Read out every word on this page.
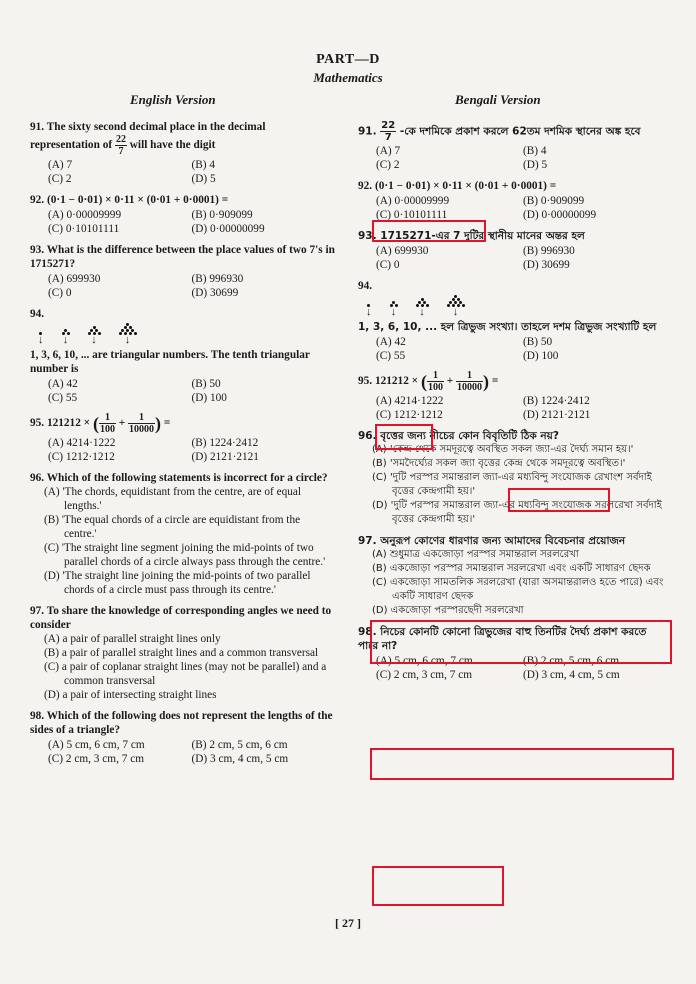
PART—D
Mathematics
English Version	Bengali Version
91. The sixty second decimal place in the decimal representation of $\frac{22}{7}$ will have the digit
(A) 7	(B) 4
(C) 2	(D) 5
92. (0·1 − 0·01) × 0·11 × (0·01 + 0·0001) =
(A) 0·00009999	(B) 0·909099
(C) 0·10101111	(D) 0·00000099
93. What is the difference between the place values of two 7's in 1715271?
(A) 699930	(B) 996930
(C) 0	(D) 30699
94.
↓ ↓ ↓	↓
1, 3, 6, 10, ... are triangular numbers. The tenth triangular number is
(A) 42	(B) 50
(C) 55	(D) 100
95. 121212 × ( $\frac{1}{100} + \frac{1}{10000}$ ) =
(A) 4214·1222	(B) 1224·2412
(C) 1212·1212	(D) 2121·2121
96. Which of the following statements is incorrect for a circle?
(A) 'The chords, equidistant from the centre, are of equal lengths.'
(B) 'The equal chords of a circle are equidistant from the centre.'
(C) 'The straight line segment joining the mid-points of two parallel chords of a circle always pass through the centre.'
(D) 'The straight line joining the mid-points of two parallel chords of a circle must pass through its centre.'
97. To share the knowledge of corresponding angles we need to consider
(A) a pair of parallel straight lines only
(B) a pair of parallel straight lines and a common transversal
(C) a pair of coplanar straight lines (may not be parallel) and a common transversal
(D) a pair of intersecting straight lines
98. Which of the following does not represent the lengths of the sides of a triangle?
(A) 5 cm, 6 cm, 7 cm	(B) 2 cm, 5 cm, 6 cm
(C) 2 cm, 3 cm, 7 cm	(D) 3 cm, 4 cm, 5 cm
91. $\frac{22}{7}$ -কে দশমিকে প্রকাশ করলে 62তম দশমিক স্থানের অঙ্ক হবে
(A) 7	(B) 4
(C) 2	(D) 5
92. (0·1 − 0·01) × 0·11 × (0·01 + 0·0001) =
(A) 0·00009999	(B) 0·909099
(C) 0·10101111	(D) 0·00000099
93. 1715271-এর 7 দুটির স্থানীয় মানের অন্তর হল
(A) 699930	(B) 996930
(C) 0	(D) 30699
94.
↓ ↓ ↓	↓
1, 3, 6, 10, ... হল ত্রিভুজ সংখ্যা। তাহলে দশম ত্রিভুজ সংখ্যাটি হল
(A) 42	(B) 50
(C) 55	(D) 100
95. 121212 × ( $\frac{1}{100} + \frac{1}{10000}$ ) =
(A) 4214·1222	(B) 1224·2412
(C) 1212·1212	(D) 2121·2121
96. বৃত্তের জন্য নীচের কোন বিবৃতিটি ঠিক নয়?
(A) 'কেন্দ্র থেকে সমদূরত্বে অবস্থিত সকল জ্যা-এর দৈর্ঘ্য সমান হয়।'
(B) 'সমদৈর্ঘ্যের সকল জ্যা বৃত্তের কেন্দ্র থেকে সমদূরত্বে অবস্থিত।'
(C) 'দুটি পরস্পর সমান্তরাল জ্যা-এর মধ্যবিন্দু সংযোজক রেখাংশ সর্বদাই বৃত্তের কেন্দ্রগামী হয়।'
(D) 'দুটি পরস্পর সমান্তরাল জ্যা-এর মধ্যবিন্দু সংযোজক সরলরেখা সর্বদাই বৃত্তের কেন্দ্রগামী হয়।'
97. অনুরূপ কোণের ধারণার জন্য আমাদের বিবেচনার প্রয়োজন
(A) শুধুমাত্র একজোড়া পরস্পর সমান্তরাল সরলরেখা
(B) একজোড়া পরস্পর সমান্তরাল সরলরেখা এবং একটি সাধারণ ছেদক
(C) একজোড়া সামতলিক সরলরেখা (যারা অসমান্তরালও হতে পারে) এবং একটি সাধারণ ছেদক
(D) একজোড়া পরস্পরছেদী সরলরেখা
98. নিচের কোনটি কোনো ত্রিভুজের বাহু তিনটির দৈর্ঘ্য প্রকাশ করতে পারে না?
(A) 5 cm, 6 cm, 7 cm	(B) 2 cm, 5 cm, 6 cm
(C) 2 cm, 3 cm, 7 cm	(D) 3 cm, 4 cm, 5 cm
[ 27 ]
